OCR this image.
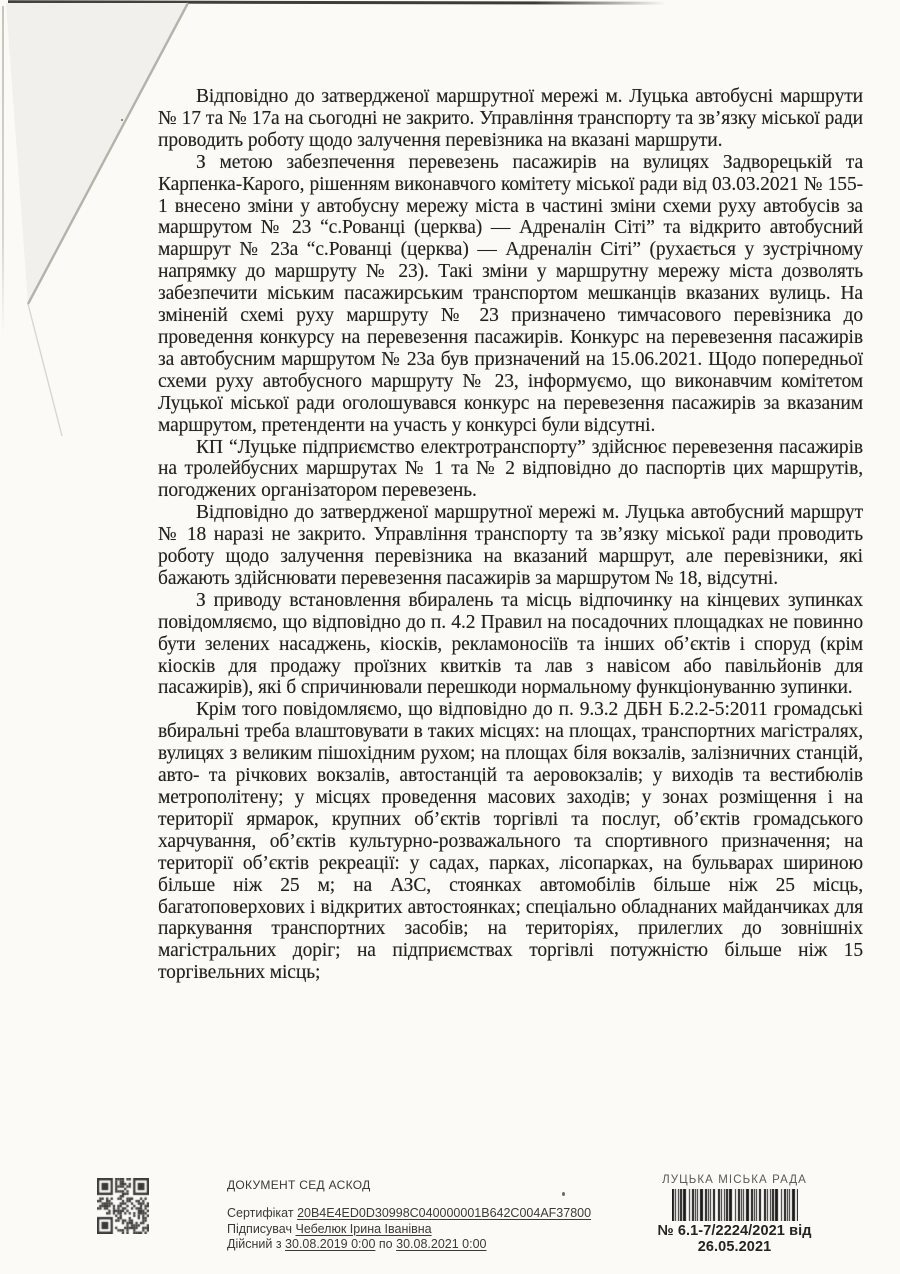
Відповідно до затвердженої маршрутної мережі м. Луцька автобусні маршрути № 17 та № 17а на сьогодні не закрито. Управління транспорту та зв’язку міської ради проводить роботу щодо залучення перевізника на вказані маршрути.

З метою забезпечення перевезень пасажирів на вулицях Задворецькій та Карпенка-Карого, рішенням виконавчого комітету міської ради від 03.03.2021 № 155-1 внесено зміни у автобусну мережу міста в частині зміни схеми руху автобусів за маршрутом № 23 “с.Рованці (церква) — Адреналін Сіті” та відкрито автобусний маршрут № 23а “с.Рованці (церква) — Адреналін Сіті” (рухається у зустрічному напрямку до маршруту № 23). Такі зміни у маршрутну мережу міста дозволять забезпечити міським пасажирським транспортом мешканців вказаних вулиць. На зміненій схемі руху маршруту № 23 призначено тимчасового перевізника до проведення конкурсу на перевезення пасажирів. Конкурс на перевезення пасажирів за автобусним маршрутом № 23а був призначений на 15.06.2021. Щодо попередньої схеми руху автобусного маршруту № 23, інформуємо, що виконавчим комітетом Луцької міської ради оголошувався конкурс на перевезення пасажирів за вказаним маршрутом, претенденти на участь у конкурсі були відсутні.

КП “Луцьке підприємство електротранспорту” здійснює перевезення пасажирів на тролейбусних маршрутах № 1 та № 2 відповідно до паспортів цих маршрутів, погоджених організатором перевезень.

Відповідно до затвердженої маршрутної мережі м. Луцька автобусний маршрут № 18 наразі не закрито. Управління транспорту та зв’язку міської ради проводить роботу щодо залучення перевізника на вказаний маршрут, але перевізники, які бажають здійснювати перевезення пасажирів за маршрутом № 18, відсутні.

З приводу встановлення вбиралень та місць відпочинку на кінцевих зупинках повідомляємо, що відповідно до п. 4.2 Правил на посадочних площадках не повинно бути зелених насаджень, кіосків, рекламоносіїв та інших об’єктів і споруд (крім кіосків для продажу проїзних квитків та лав з навісом або павільйонів для пасажирів), які б спричинювали перешкоди нормальному функціонуванню зупинки.

Крім того повідомляємо, що відповідно до п. 9.3.2 ДБН Б.2.2-5:2011 громадські вбиральні треба влаштовувати в таких місцях: на площах, транспортних магістралях, вулицях з великим пішохідним рухом; на площах біля вокзалів, залізничних станцій, авто- та річкових вокзалів, автостанцій та аеровокзалів; у виходів та вестибюлів метрополітену; у місцях проведення масових заходів; у зонах розміщення і на території ярмарок, крупних об’єктів торгівлі та послуг, об’єктів громадського харчування, об’єктів культурно-розважального та спортивного призначення; на території об’єктів рекреації: у садах, парках, лісопарках, на бульварах шириною більше ніж 25 м; на АЗС, стоянках автомобілів більше ніж 25 місць, багатоповерхових і відкритих автостоянках; спеціально обладнаних майданчиках для паркування транспортних засобів; на територіях, прилеглих до зовнішніх магістральних доріг; на підприємствах торгівлі потужністю більше ніж 15 торгівельних місць;

ДОКУМЕНТ СЕД АСКОД

Сертифікат 20B4E4ED0D30998C040000001B642C004AF37800

Підписувач Чебелюк Ірина Іванівна

Дійсний з 30.08.2019 0:00 по 30.08.2021 0:00

ЛУЦЬКА МІСЬКА РАДА

№ 6.1-7/2224/2021 від 26.05.2021
